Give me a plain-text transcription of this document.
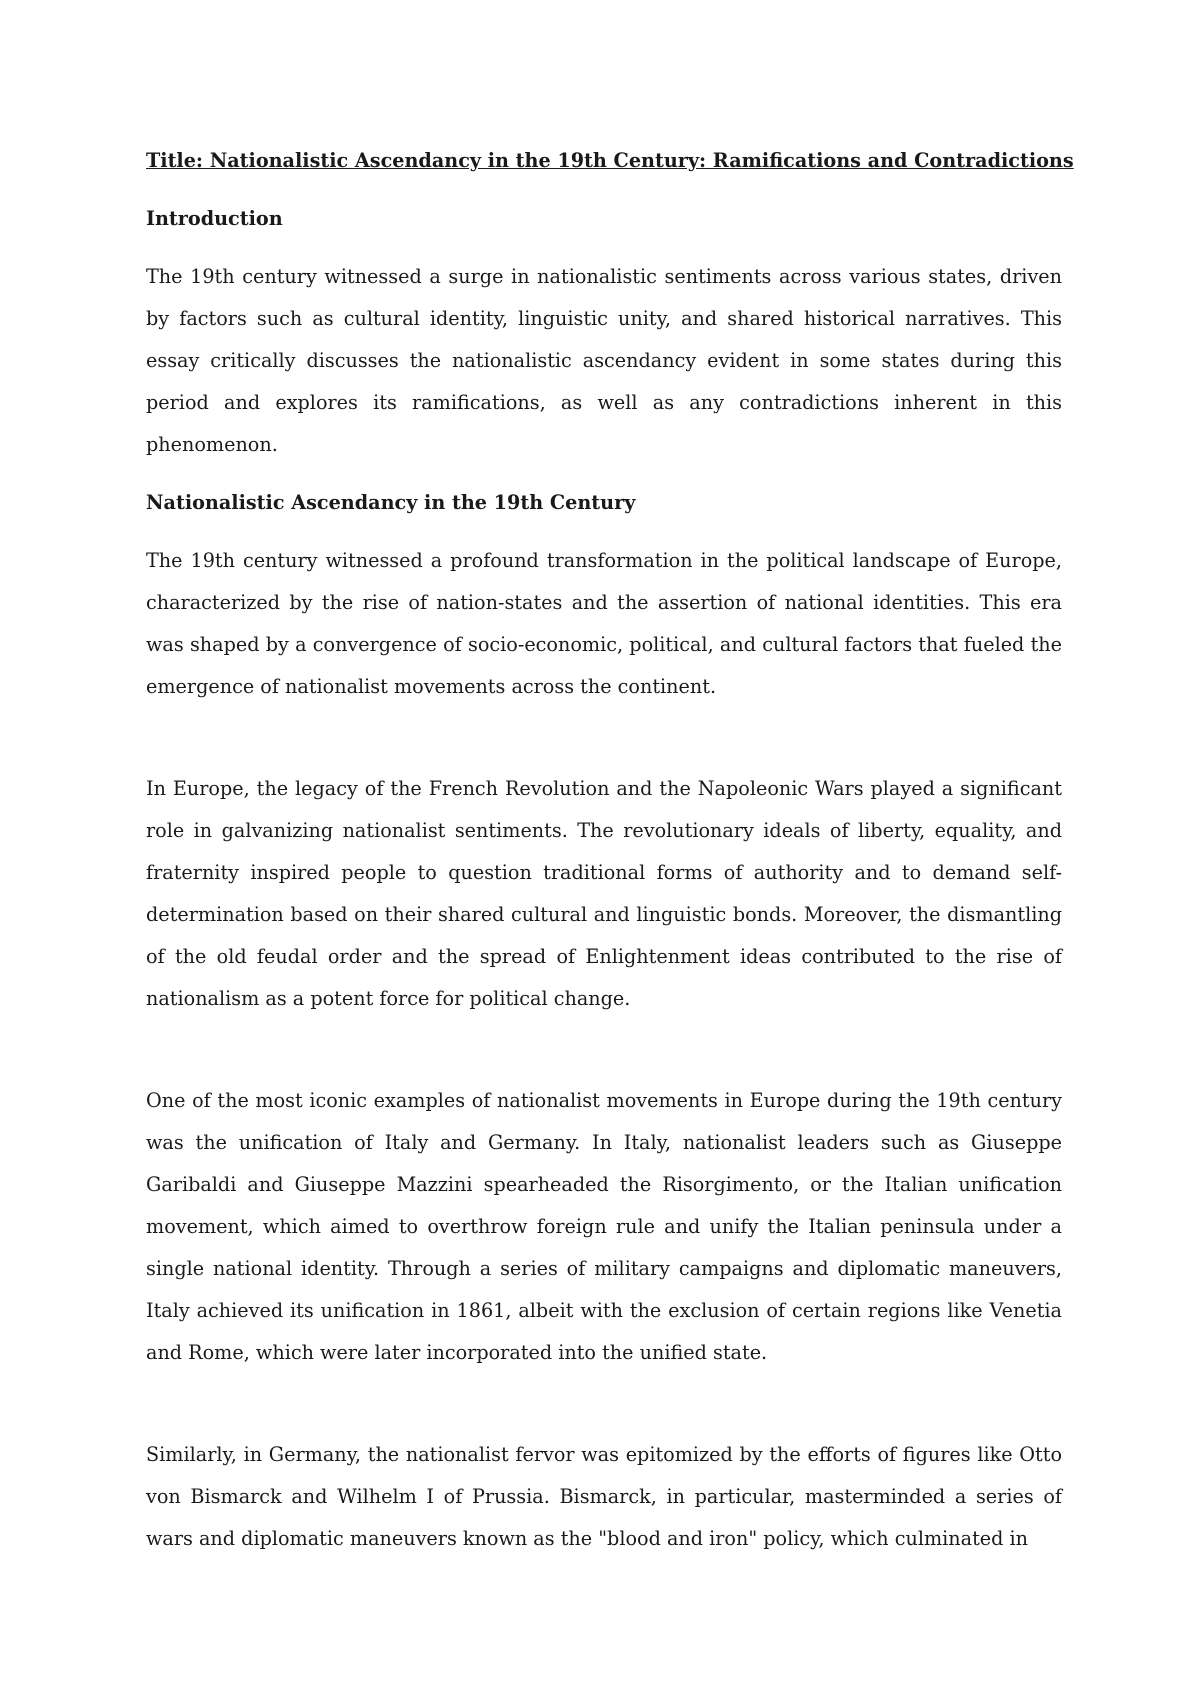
Title: Nationalistic Ascendancy in the 19th Century: Ramifications and Contradictions
Introduction

The 19th century witnessed a surge in nationalistic sentiments across various states, driven by factors such as cultural identity, linguistic unity, and shared historical narratives. This essay critically discusses the nationalistic ascendancy evident in some states during this period and explores its ramifications, as well as any contradictions inherent in this phenomenon.

Nationalistic Ascendancy in the 19th Century

The 19th century witnessed a profound transformation in the political landscape of Europe, characterized by the rise of nation-states and the assertion of national identities. This era was shaped by a convergence of socio-economic, political, and cultural factors that fueled the emergence of nationalist movements across the continent.

In Europe, the legacy of the French Revolution and the Napoleonic Wars played a significant role in galvanizing nationalist sentiments. The revolutionary ideals of liberty, equality, and fraternity inspired people to question traditional forms of authority and to demand self-determination based on their shared cultural and linguistic bonds. Moreover, the dismantling of the old feudal order and the spread of Enlightenment ideas contributed to the rise of nationalism as a potent force for political change.

One of the most iconic examples of nationalist movements in Europe during the 19th century was the unification of Italy and Germany. In Italy, nationalist leaders such as Giuseppe Garibaldi and Giuseppe Mazzini spearheaded the Risorgimento, or the Italian unification movement, which aimed to overthrow foreign rule and unify the Italian peninsula under a single national identity. Through a series of military campaigns and diplomatic maneuvers, Italy achieved its unification in 1861, albeit with the exclusion of certain regions like Venetia and Rome, which were later incorporated into the unified state.

Similarly, in Germany, the nationalist fervor was epitomized by the efforts of figures like Otto von Bismarck and Wilhelm I of Prussia. Bismarck, in particular, masterminded a series of wars and diplomatic maneuvers known as the "blood and iron" policy, which culminated in
